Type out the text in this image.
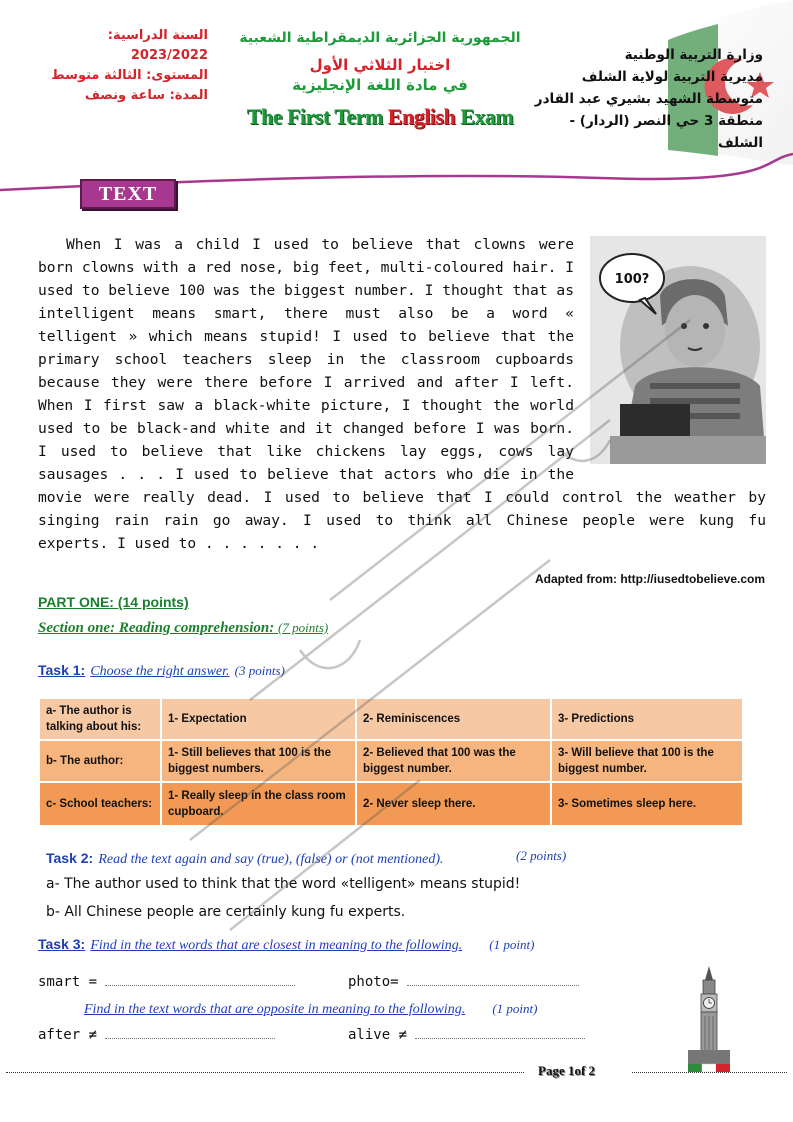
السنة الدراسية: 2023/2022
المستوى: الثالثة متوسط
المدة: ساعة ونصف
الجمهورية الجزائرية الديمقراطية الشعبية
اختبار الثلاثي الأول
في مادة اللغة الإنجليزية
The First Term English Exam
وزارة التربية الوطنية
مديرية التربية لولاية الشلف
متوسطة الشهيد بشيري عبد القادر
منطقة 3 حي النصر (الردار) - الشلف
TEXT
100?

When I was a child I used to believe that clowns were born clowns with a red nose, big feet, multi-coloured hair. I used to believe 100 was the biggest number. I thought that as intelligent means smart, there must also be a word « telligent » which means stupid! I used to believe that the primary school teachers sleep in the classroom cupboards because they were there before I arrived and after I left. When I first saw a black-white picture, I thought the world used to be black-and white and it changed before I was born. I used to believe that like chickens lay eggs, cows lay sausages . . . I used to believe that actors who die in the movie were really dead. I used to believe that I could control the weather by singing rain rain go away. I used to think all Chinese people were kung fu experts. I used to . . . . . . .

Adapted from: http://iusedtobelieve.com
PART ONE: (14 points)
Section one: Reading comprehension: (7 points)
Task 1: Choose the right answer. (3 points)
a- The author is talking about his:	1- Expectation	2- Reminiscences	3- Predictions
b- The author:	1- Still believes that 100 is the biggest numbers.	2- Believed that 100 was the biggest number.	3- Will believe that 100 is the biggest number.
c- School teachers:	1- Really sleep in the class room cupboard.	2- Never sleep there.	3- Sometimes sleep here.
Task 2: Read the text again and say (true), (false) or (not mentioned).	(2 points)
a- The author used to think that the word «telligent» means stupid!
b- All Chinese people are certainly kung fu experts.
Task 3: Find in the text words that are closest in meaning to the following. (1 point)
smart =	photo=
Find in the text words that are opposite in meaning to the following. (1 point)
after ≠	alive ≠
Page 1of 2
